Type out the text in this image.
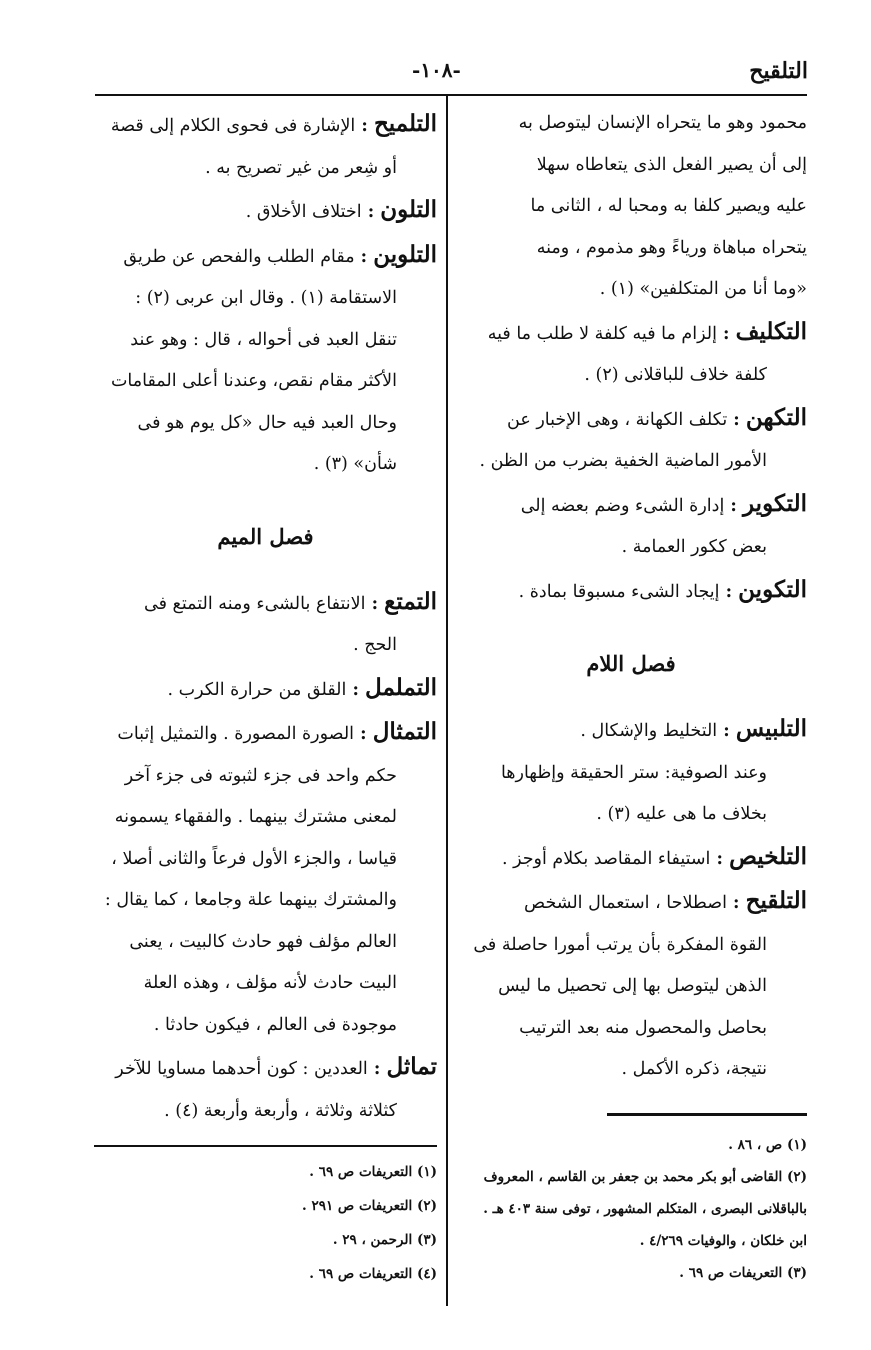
التلقيح
-١٠٨-

محمود وهو ما يتحراه الإنسان ليتوصل به

إلى أن يصير الفعل الذى يتعاطاه سهلا

عليه ويصير كلفا به ومحبا له ، الثانى ما

يتحراه مباهاة ورياءً وهو مذموم ، ومنه

«وما أنا من المتكلفين» (١) .

التكليف : إلزام ما فيه كلفة لا طلب ما فيه

كلفة خلاف للباقلانى (٢) .

التكهن : تكلف الكهانة ، وهى الإخبار عن

الأمور الماضية الخفية بضرب من الظن .

التكوير : إدارة الشىء وضم بعضه إلى

بعض ككور العمامة .

التكوين : إيجاد الشىء مسبوقا بمادة .

فصل اللام

التلبيس : التخليط والإشكال .

وعند الصوفية: ستر الحقيقة وإظهارها

بخلاف ما هى عليه (٣) .

التلخيص : استيفاء المقاصد بكلام أوجز .

التلقيح : اصطلاحا ، استعمال الشخص

القوة المفكرة بأن يرتب أمورا حاصلة فى

الذهن ليتوصل بها إلى تحصيل ما ليس

بحاصل والمحصول منه بعد الترتيب

نتيجة، ذكره الأكمل .

التلميح : الإشارة فى فحوى الكلام إلى قصة

أو شِعر من غير تصريح به .

التلون : اختلاف الأخلاق .

التلوين : مقام الطلب والفحص عن طريق

الاستقامة (١) . وقال ابن عربى (٢) :

تنقل العبد فى أحواله ، قال : وهو عند

الأكثر مقام نقص، وعندنا أعلى المقامات

وحال العبد فيه حال «كل يوم هو فى

شأن» (٣) .

فصل الميم

التمتع : الانتفاع بالشىء ومنه التمتع فى

الحج .

التململ : القلق من حرارة الكرب .

التمثال : الصورة المصورة . والتمثيل إثبات

حكم واحد فى جزء لثبوته فى جزء آخر

لمعنى مشترك بينهما . والفقهاء يسمونه

قياسا ، والجزء الأول فرعاً والثانى أصلا ،

والمشترك بينهما علة وجامعا ، كما يقال :

العالم مؤلف فهو حادث كالبيت ، يعنى

البيت حادث لأنه مؤلف ، وهذه العلة

موجودة فى العالم ، فيكون حادثا .

تماثل : العددين : كون أحدهما مساويا للآخر

كثلاثة وثلاثة ، وأربعة وأربعة (٤) .

(١) ص ، ٨٦ .
(٢) القاضى أبو بكر محمد بن جعفر بن القاسم ، المعروف
بالباقلانى البصرى ، المتكلم المشهور ، توفى سنة ٤٠٣ هـ .
ابن خلكان ، والوفيات ٤/٢٦٩ .
(٣) التعريفات ص ٦٩ .
(١) التعريفات ص ٦٩ .
(٢) التعريفات ص ٢٩١ .
(٣) الرحمن ، ٢٩ .
(٤) التعريفات ص ٦٩ .
